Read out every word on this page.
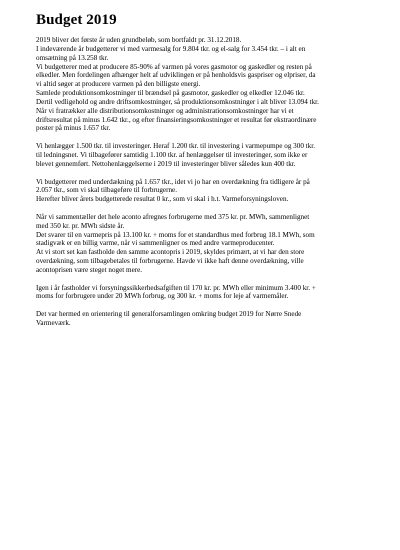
Budget 2019
2019 bliver det første år uden grundbeløb, som bortfaldt pr. 31.12.2018.
I indeværende år budgetterer vi med varmesalg for 9.804 tkr. og el-salg for 3.454 tkr. – i alt en
omsætning på 13.258 tkr.
Vi budgetterer med at producere 85-90% af varmen på vores gasmotor og gaskedler og resten på
elkedler. Men fordelingen afhænger helt af udviklingen er på henholdsvis gaspriser og elpriser, da
vi altid søger at producere varmen på den billigste energi.
Samlede produktionsomkostninger til brændsel på gasmotor, gaskedler og elkedler 12.046 tkr.
Dertil vedligehold og andre driftsomkostninger, så produktionsomkostninger i alt bliver 13.094 tkr.
Når vi fratrækker alle distributionsomkostninger og administrationsomkostninger har vi et
driftsresultat på minus 1.642 tkr., og efter finansieringsomkostninger et resultat før ekstraordinære
poster på minus 1.657 tkr.
Vi henlægger 1.500 tkr. til investeringer. Heraf 1.200 tkr. til investering i varmepumpe og 300 tkr.
til ledningsnet. Vi tilbagefører samtidig 1.100 tkr. af henlæggelser til investeringer, som ikke er
blevet gennemført. Nettohenlæggelserne i 2019 til investeringer bliver således kun 400 tkr.
Vi budgetterer med underdækning på 1.657 tkr., idet vi jo har en overdækning fra tidligere år på
2.057 tkr., som vi skal tilbageføre til forbrugerne.
Herefter bliver årets budgetterede resultat 0 kr., som vi skal i h.t. Varmeforsyningsloven.
Når vi sammentæller det hele aconto afregnes forbrugerne med 375 kr. pr. MWh, sammenlignet
med 350 kr. pr. MWh sidste år.
Det svarer til en varmepris på 13.100 kr. + moms for et standardhus med forbrug 18.1 MWh, som
stadigvæk er en billig varme, når vi sammenligner os med andre varmeproducenter.
At vi stort set kan fastholde den samme acontopris i 2019, skyldes primært, at vi har den store
overdækning, som tilbagebetales til forbrugerne. Havde vi ikke haft denne overdækning, ville
acontoprisen være steget noget mere.
Igen i år fastholder vi forsyningssikkerhedsafgiften til 170 kr. pr. MWh eller minimum 3.400 kr. +
moms for forbrugere under 20 MWh forbrug, og 300 kr. + moms for leje af varmemåler.
Det var hermed en orientering til generalforsamlingen omkring budget 2019 for Nørre Snede
Varmeværk.
